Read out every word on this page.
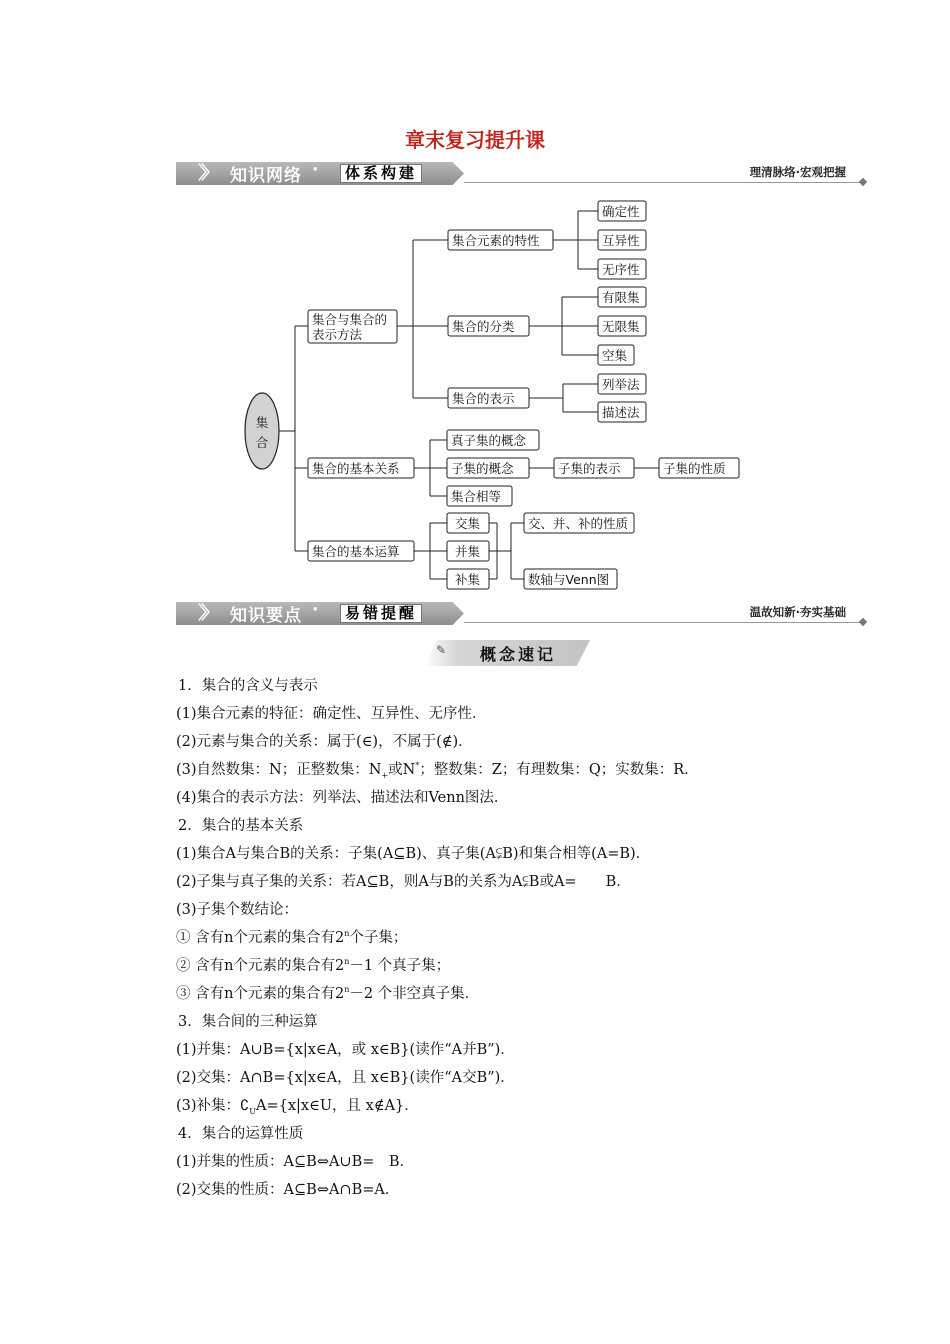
章末复习提升课
〉〉 知识网络 ·	体系构建	理清脉络·宏观把握
集
合
集合与集合的
表示方法
集合的基本关系
集合的基本运算
集合元素的特性
集合的分类
集合的表示
确定性
互异性
无序性
有限集
无限集
空集
列举法
描述法
真子集的概念
子集的概念
集合相等
子集的表示	子集的性质
交集
并集
补集
交、并、补的性质
数轴与Venn图
〉〉 知识要点 ·	易错提醒	温故知新·夯实基础
✎ 概念速记
1．集合的含义与表示
(1)集合元素的特征：确定性、互异性、无序性．
(2)元素与集合的关系：属于(∈)，不属于(∉)．
(3)自然数集：N；正整数集：$N_+$或N*；整数集：Z；有理数集：Q；实数集：R．
(4)集合的表示方法：列举法、描述法和Venn图法．
2．集合的基本关系
(1)集合A与集合B的关系：子集(A⊆B)、真子集(A⫋B)和集合相等(A=B)．
(2)子集与真子集的关系：若A⊆B，则A与B的关系为A⫋B或A=　　B．
(3)子集个数结论：
① 含有n个元素的集合有2$^n$个子集；
② 含有n个元素的集合有$2^n-1$ 个真子集；
③ 含有n个元素的集合有$2^n-2$ 个非空真子集．
3．集合间的三种运算
(1)并集：A∪B={x|x∈A，或 x∈B}(读作“A并B”)．
(2)交集：A∩B={x|x∈A，且 x∈B}(读作“A交B”)．
(3)补集：$∁_UA=\{x|x\in U$，且 x∉A}．
4．集合的运算性质
(1)并集的性质：A⊆B⇔A∪B=　B．
(2)交集的性质：A⊆B⇔A∩B=A．
